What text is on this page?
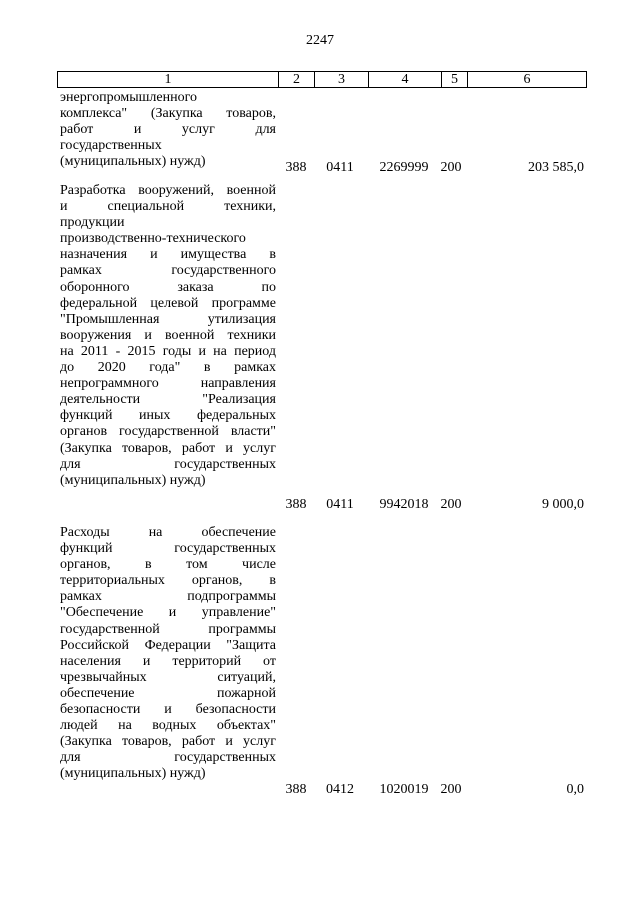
2247
1	2	3	4	5	6
энергопромышленного
комплекса" (Закупка товаров,
работ и услуг для
государственных
(муниципальных) нужд)	388 0411 2269999 200	203 585,0
Разработка вооружений, военной
и специальной техники,
продукции
производственно-технического
назначения и имущества в
рамках государственного
оборонного заказа по
федеральной целевой программе
"Промышленная утилизация
вооружения и военной техники
на 2011 - 2015 годы и на период
до 2020 года" в рамках
непрограммного направления
деятельности "Реализация
функций иных федеральных
органов государственной власти"
(Закупка товаров, работ и услуг
для государственных
(муниципальных) нужд)
388 0411 9942018 200	9 000,0
Расходы на обеспечение
функций государственных
органов, в том числе
территориальных органов, в
рамках подпрограммы
"Обеспечение и управление"
государственной программы
Российской Федерации "Защита
населения и территорий от
чрезвычайных ситуаций,
обеспечение пожарной
безопасности и безопасности
людей на водных объектах"
(Закупка товаров, работ и услуг
для государственных
(муниципальных) нужд)
388 0412 1020019 200	0,0
